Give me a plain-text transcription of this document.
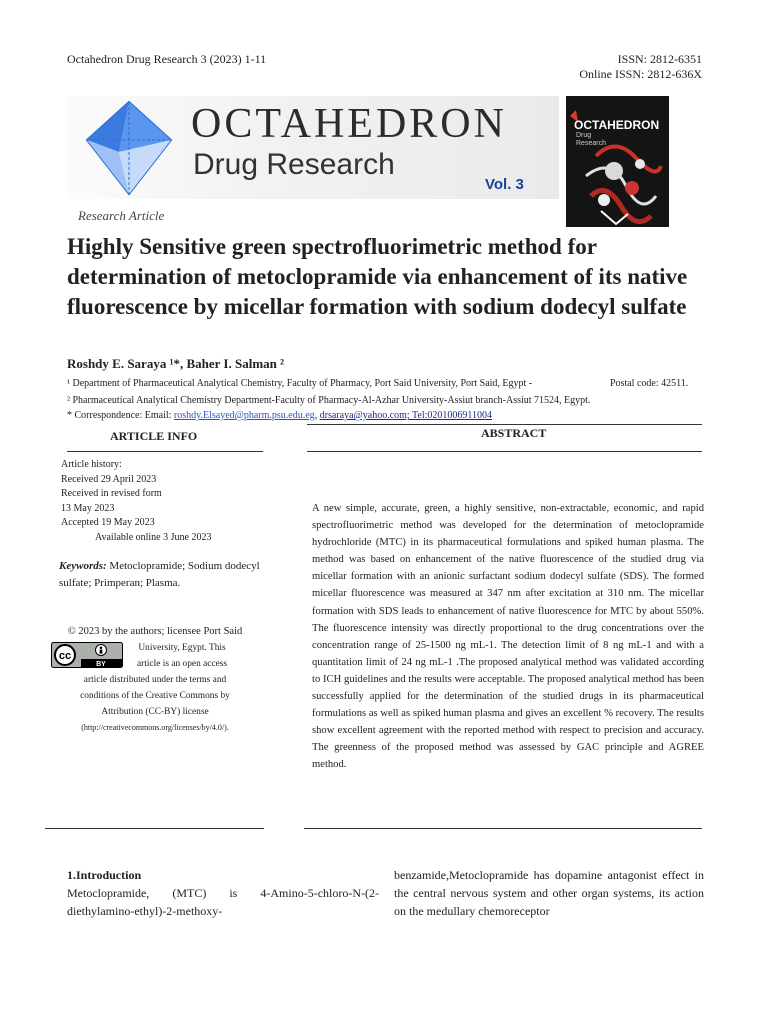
Octahedron Drug Research 3 (2023) 1-11	ISSN: 2812-6351
Online ISSN: 2812-636X
OCTAHEDRON
Drug Research
Vol. 3
OCTAHEDRON
Drug
Research
Research Article
Highly Sensitive green spectrofluorimetric method for determination of metoclopramide via enhancement of its native fluorescence by micellar formation with sodium dodecyl sulfate
Roshdy E. Saraya ¹*, Baher I. Salman ²
¹ Department of Pharmaceutical Analytical Chemistry, Faculty of Pharmacy, Port Said University, Port Said, Egypt -	Postal code: 42511.
² Pharmaceutical Analytical Chemistry Department-Faculty of Pharmacy-Al-Azhar University-Assiut branch-Assiut 71524, Egypt.
* Correspondence: Email: roshdy.Elsayed@pharm.psu.edu.eg, drsaraya@yahoo.com; Tel:0201006911004
ARTICLE INFO
Article history:
Received 29 April 2023
Received in revised form
13 May 2023
Accepted 19 May 2023
Available online 3 June 2023
Keywords: Metoclopramide; Sodium dodecyl sulfate; Primperan; Plasma.
© 2023 by the authors; licensee Port Said
cc
BY
University, Egypt. This
article is an open access
article distributed under the terms and
conditions of the Creative Commons by
Attribution (CC-BY) license
(http://creativecommons.org/licenses/by/4.0/).
ABSTRACT
A new simple, accurate, green, a highly sensitive, non-extractable, economic, and rapid spectrofluorimetric method was developed for the determination of metoclopramide hydrochloride (MTC) in its pharmaceutical formulations and spiked human plasma. The method was based on enhancement of the native fluorescence of the studied drug via micellar formation with an anionic surfactant sodium dodecyl sulfate (SDS). The formed micellar fluorescence was measured at 347 nm after excitation at 310 nm. The micellar formation with SDS leads to enhancement of native fluorescence for MTC by about 550%. The fluorescence intensity was directly proportional to the drug concentrations over the concentration range of 25-1500 ng mL-1. The detection limit of 8 ng mL-1 and with a quantitation limit of 24 ng mL-1 .The proposed analytical method was validated according to ICH guidelines and the results were acceptable. The proposed analytical method has been successfully applied for the determination of the studied drugs in its pharmaceutical formulations as well as spiked human plasma and gives an excellent % recovery. The results show excellent agreement with the reported method with respect to precision and accuracy. The greenness of the proposed method was assessed by GAC principle and AGREE method.
1.Introduction
Metoclopramide, (MTC) is 4-Amino-5-chloro-N-(2-diethylamino-ethyl)-2-methoxy-
benzamide,Metoclopramide has dopamine antagonist effect in the central nervous system and other organ systems, its action on the medullary chemoreceptor
